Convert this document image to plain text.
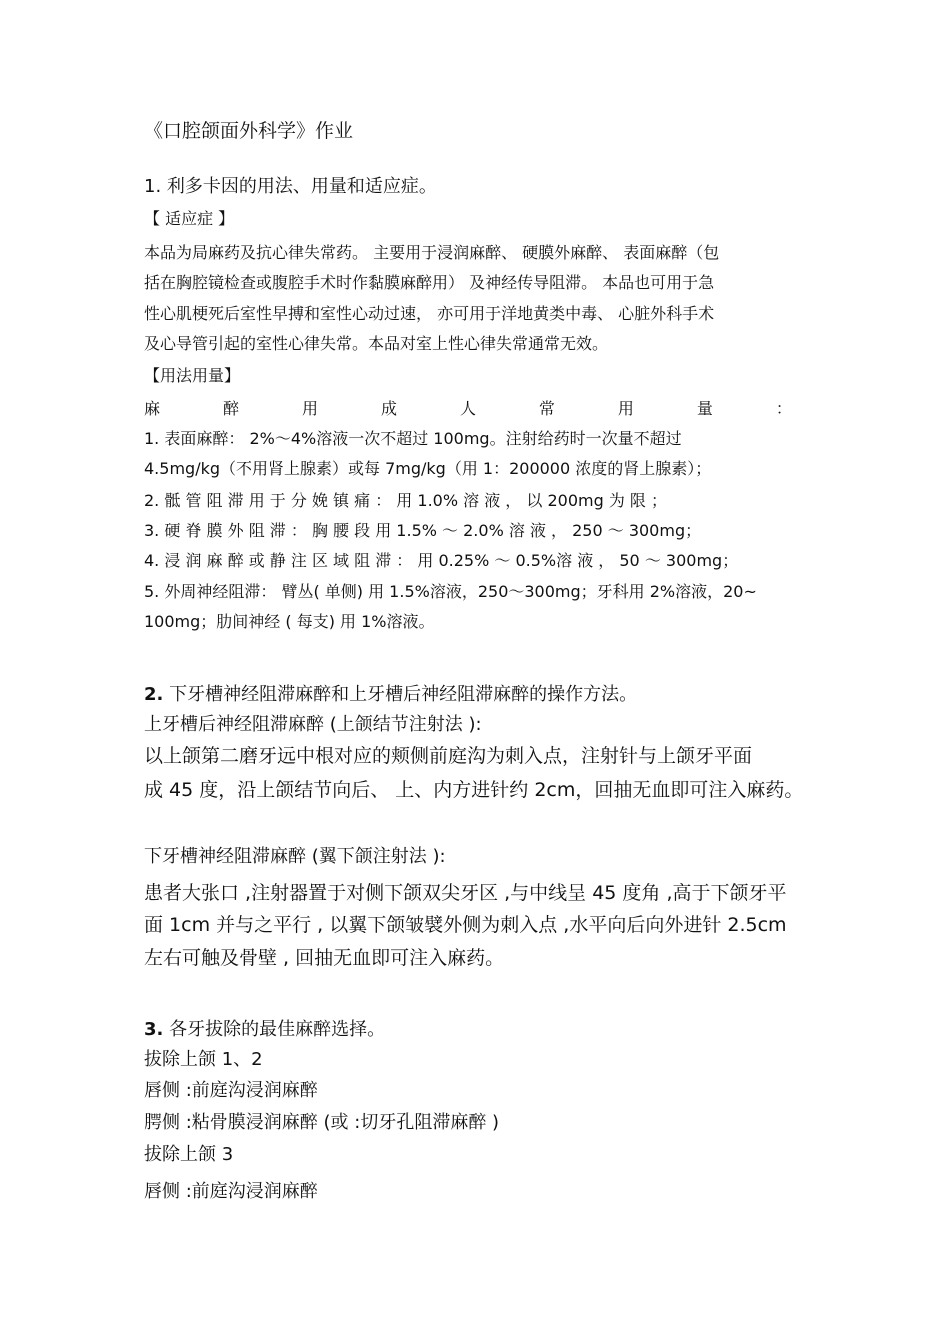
《口腔颌面外科学》作业

1. 利多卡因的用法、用量和适应症。

【 适应症 】

本品为局麻药及抗心律失常药。 主要用于浸润麻醉、 硬膜外麻醉、 表面麻醉（包

括在胸腔镜检查或腹腔手术时作黏膜麻醉用） 及神经传导阻滞。 本品也可用于急

性心肌梗死后室性早搏和室性心动过速， 亦可用于洋地黄类中毒、 心脏外科手术

及心导管引起的室性心律失常。本品对室上性心律失常通常无效。

【用法用量】

麻	醉	用	成	人	常	用	量	：

1. 表面麻醉： 2%～4%溶液一次不超过 100mg。注射给药时一次量不超过

4.5mg/kg（不用肾上腺素）或每 7mg/kg（用 1：200000 浓度的肾上腺素）；

2. 骶 管 阻 滞 用 于 分 娩 镇 痛 ： 用 1.0% 溶 液 ， 以 200mg 为 限 ；

3. 硬 脊 膜 外 阻 滞 ： 胸 腰 段 用 1.5% ～ 2.0% 溶 液 ， 250 ～ 300mg；

4. 浸 润 麻 醉 或 静 注 区 域 阻 滞 ： 用 0.25% ～ 0.5%溶 液 ， 50 ～ 300mg；

5. 外周神经阻滞： 臂丛( 单侧) 用 1.5%溶液，250～300mg；牙科用 2%溶液，20~

100mg；肋间神经 ( 每支) 用 1%溶液。

2. 下牙槽神经阻滞麻醉和上牙槽后神经阻滞麻醉的操作方法。

上牙槽后神经阻滞麻醉 (上颌结节注射法 ):

以上颌第二磨牙远中根对应的颊侧前庭沟为刺入点，注射针与上颌牙平面

成 45 度，沿上颌结节向后、 上、内方进针约 2cm，回抽无血即可注入麻药。

下牙槽神经阻滞麻醉 (翼下颌注射法 ):

患者大张口 ,注射器置于对侧下颌双尖牙区 ,与中线呈 45 度角 ,高于下颌牙平

面 1cm 并与之平行 , 以翼下颌皱襞外侧为刺入点 ,水平向后向外进针 2.5cm

左右可触及骨壁 , 回抽无血即可注入麻药。

3. 各牙拔除的最佳麻醉选择。

拔除上颌 1、2

唇侧 :前庭沟浸润麻醉

腭侧 :粘骨膜浸润麻醉 (或 :切牙孔阻滞麻醉 )

拔除上颌 3

唇侧 :前庭沟浸润麻醉
